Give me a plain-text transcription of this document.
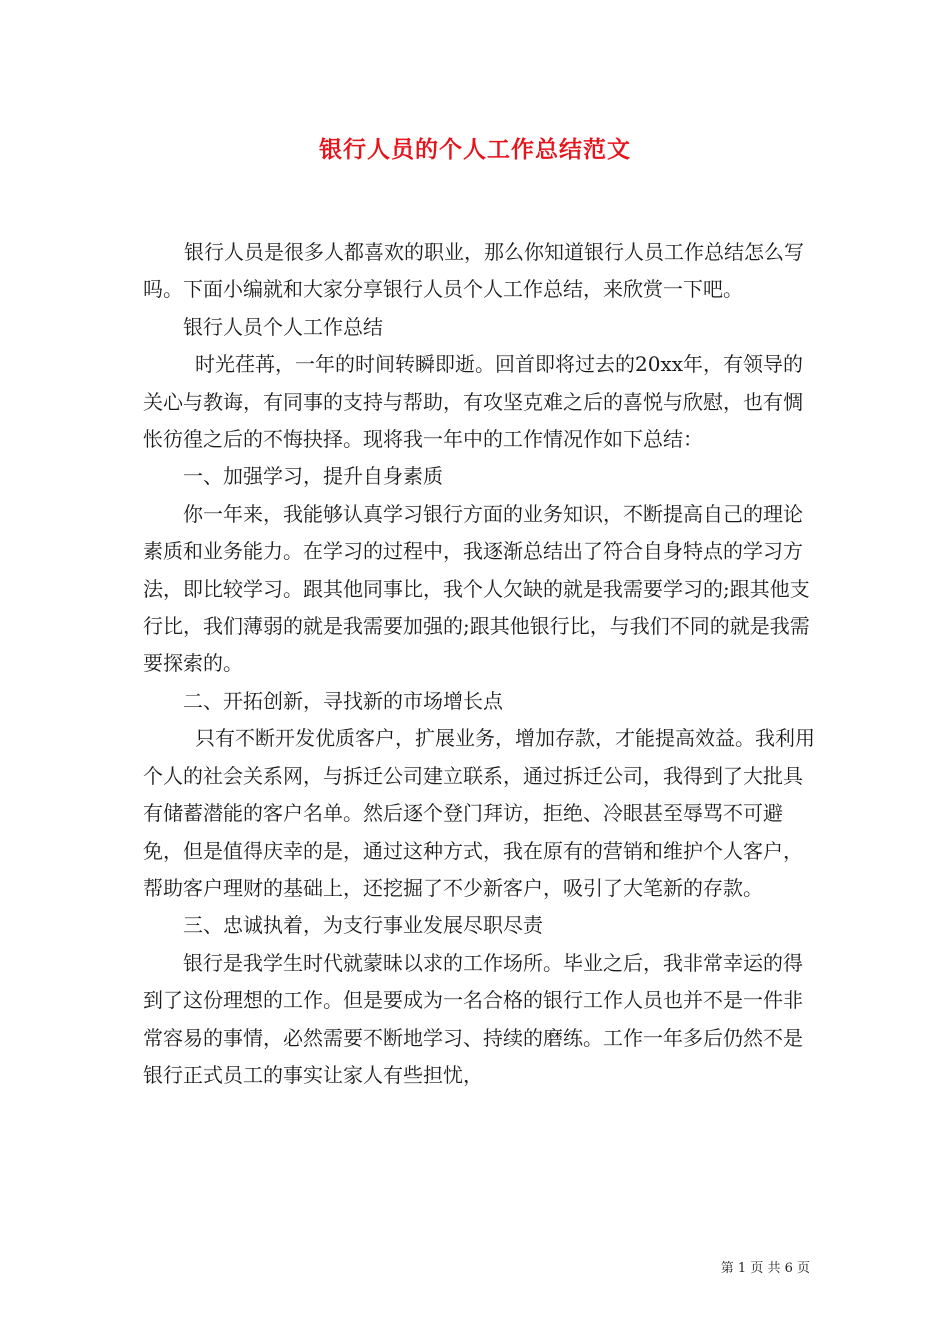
银行人员的个人工作总结范文

银行人员是很多人都喜欢的职业，那么你知道银行人员工作总结怎么写吗。下面小编就和大家分享银行人员个人工作总结，来欣赏一下吧。

银行人员个人工作总结

时光荏苒，一年的时间转瞬即逝。回首即将过去的20xx年，有领导的关心与教诲，有同事的支持与帮助，有攻坚克难之后的喜悦与欣慰，也有惆怅彷徨之后的不悔抉择。现将我一年中的工作情况作如下总结：

一、加强学习，提升自身素质

你一年来，我能够认真学习银行方面的业务知识，不断提高自己的理论素质和业务能力。在学习的过程中，我逐渐总结出了符合自身特点的学习方法，即比较学习。跟其他同事比，我个人欠缺的就是我需要学习的;跟其他支行比，我们薄弱的就是我需要加强的;跟其他银行比，与我们不同的就是我需要探索的。

二、开拓创新，寻找新的市场增长点

只有不断开发优质客户，扩展业务，增加存款，才能提高效益。我利用个人的社会关系网，与拆迁公司建立联系，通过拆迁公司，我得到了大批具有储蓄潜能的客户名单。然后逐个登门拜访，拒绝、冷眼甚至辱骂不可避免，但是值得庆幸的是，通过这种方式，我在原有的营销和维护个人客户，帮助客户理财的基础上，还挖掘了不少新客户，吸引了大笔新的存款。

三、忠诚执着，为支行事业发展尽职尽责

银行是我学生时代就蒙昧以求的工作场所。毕业之后，我非常幸运的得到了这份理想的工作。但是要成为一名合格的银行工作人员也并不是一件非常容易的事情，必然需要不断地学习、持续的磨练。工作一年多后仍然不是银行正式员工的事实让家人有些担忧，

第 1 页 共 6 页
